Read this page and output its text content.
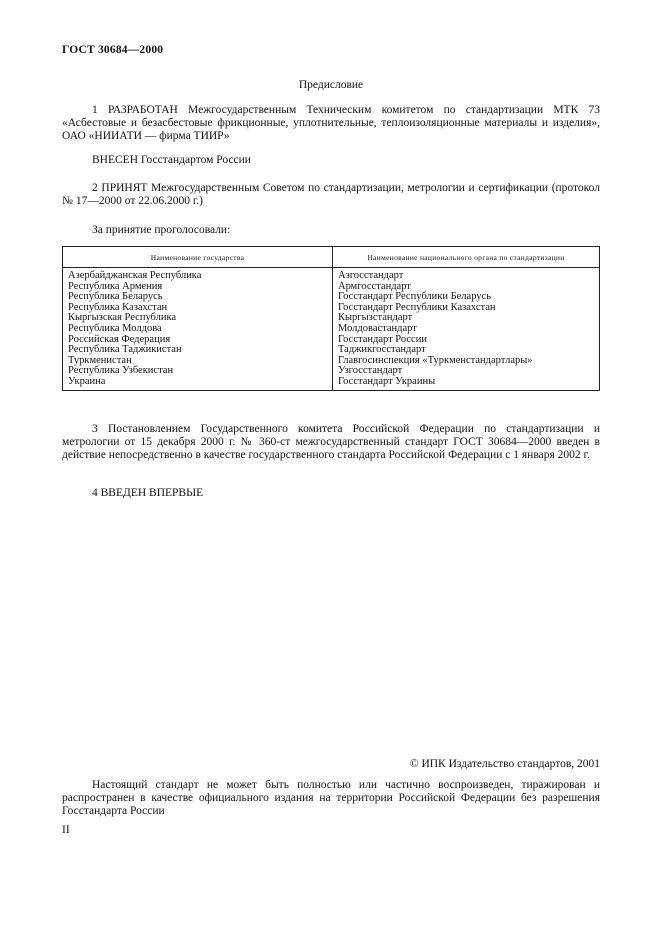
ГОСТ 30684—2000
Предисловие
1 РАЗРАБОТАН Межгосударственным Техническим комитетом по стандартизации МТК 73 «Асбестовые и безасбестовые фрикционные, уплотнительные, теплоизоляционные материалы и изделия», ОАО «НИИАТИ — фирма ТИИР»
ВНЕСЕН Госстандартом России
2 ПРИНЯТ Межгосударственным Советом по стандартизации, метрологии и сертификации (протокол № 17—2000 от 22.06.2000 г.)
За принятие проголосовали:
Наименование государства	Наименование национального органа по стандартизации
Азербайджанская Республика	Азгосстандарт
Республика Армения	Армгосстандарт
Республика Беларусь	Госстандарт Республики Беларусь
Республика Казахстан	Госстандарт Республики Казахстан
Кыргызская Республика	Кыргызстандарт
Республика Молдова	Молдовастандарт
Российская Федерация	Госстандарт России
Республика Таджикистан	Таджикгосстандарт
Туркменистан	Главгосинспекция «Туркменстандартлары»
Республика Узбекистан	Узгосстандарт
Украина	Госстандарт Украины
3 Постановлением Государственного комитета Российской Федерации по стандартизации и метрологии от 15 декабря 2000 г. № 360-ст межгосударственный стандарт ГОСТ 30684—2000 введен в действие непосредственно в качестве государственного стандарта Российской Федерации с 1 января 2002 г.
4 ВВЕДЕН ВПЕРВЫЕ
© ИПК Издательство стандартов, 2001
Настоящий стандарт не может быть полностью или частично воспроизведен, тиражирован и распространен в качестве официального издания на территории Российской Федерации без разрешения Госстандарта России
II
